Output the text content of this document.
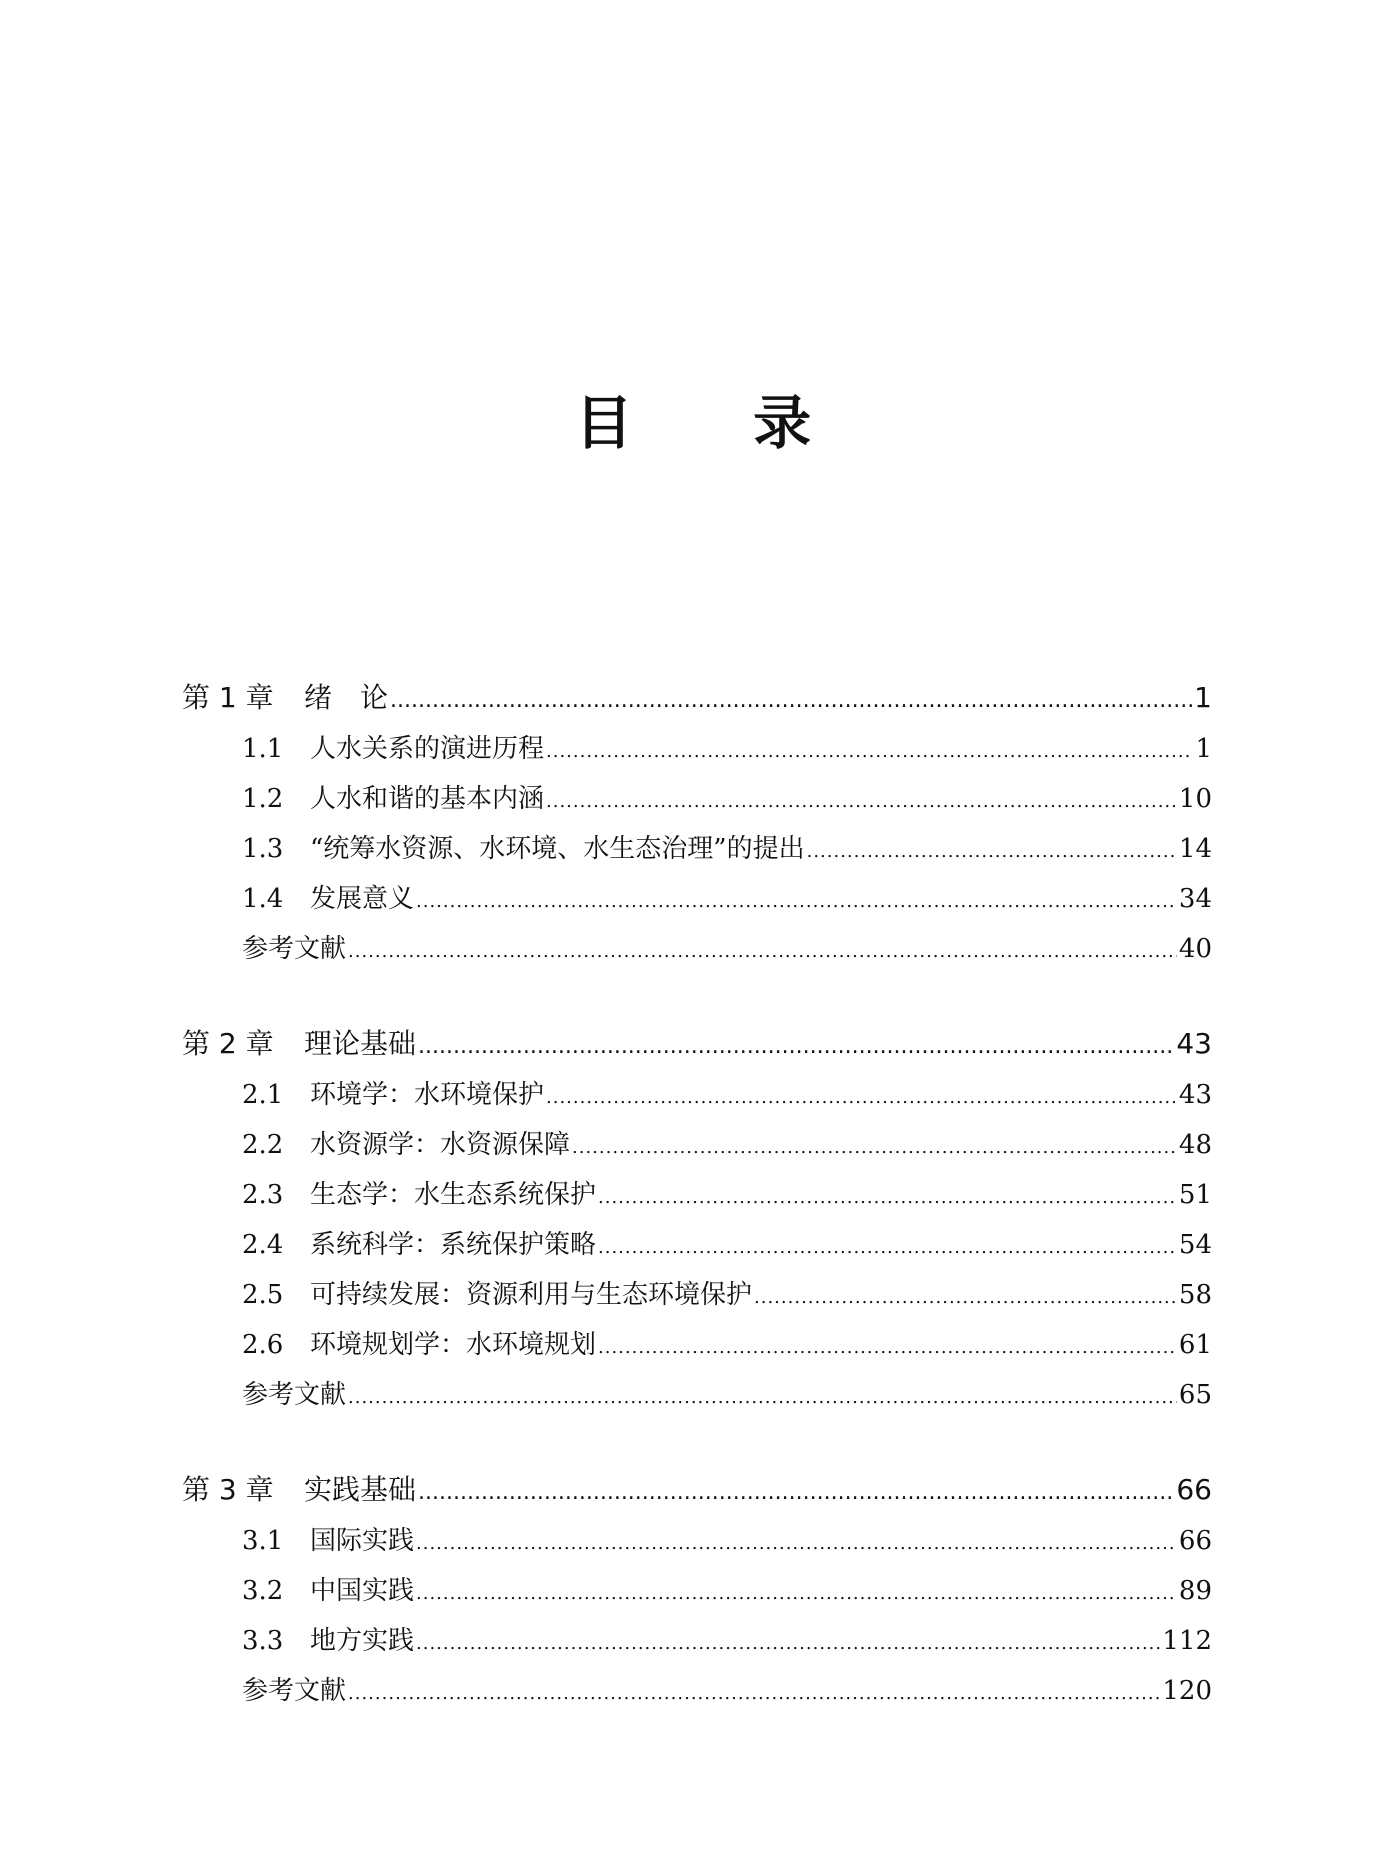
目 录
第 1 章	绪　论 .....	1
1.1	人水关系的演进历程 .....	1
1.2	人水和谐的基本内涵 .....	10
1.3	“统筹水资源、水环境、水生态治理”的提出 .....	14
1.4	发展意义 .....	34
参考文献 .....	40
第 2 章	理论基础 .....	43
2.1	环境学：水环境保护 .....	43
2.2	水资源学：水资源保障 .....	48
2.3	生态学：水生态系统保护 .....	51
2.4	系统科学：系统保护策略 .....	54
2.5	可持续发展：资源利用与生态环境保护 .....	58
2.6	环境规划学：水环境规划 .....	61
参考文献 .....	65
第 3 章	实践基础 .....	66
3.1	国际实践 .....	66
3.2	中国实践 .....	89
3.3	地方实践 .....	112
参考文献 .....	120
